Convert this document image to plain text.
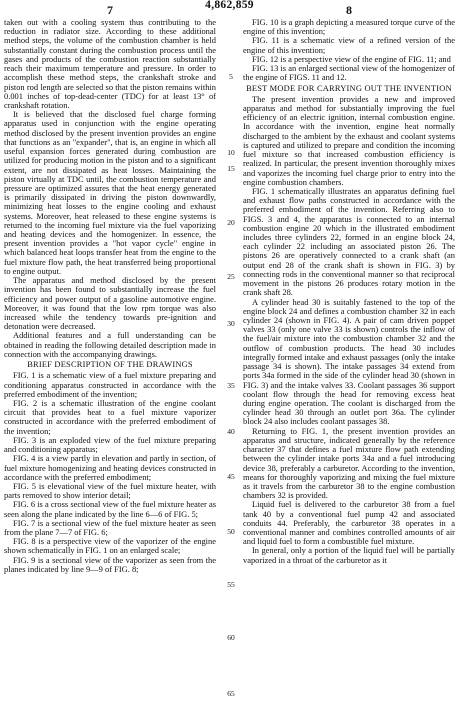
7	4,862,859	8

taken out with a cooling system thus contributing to the reduction in radiator size. According to these additional method steps, the volume of the combustion chamber is held substantially constant during the combustion process until the gases and products of the combustion reaction substantially reach their maximum temperature and pressure. In order to accomplish these method steps, the crankshaft stroke and piston rod length are selected so that the piston remains within 0.001 inches of top-dead-center (TDC) for at least 13° of crankshaft rotation.

It is believed that the disclosed fuel charge forming apparatus used in conjunction with the engine operating method disclosed by the present invention provides an engine that functions as an "expander", that is, an engine in which all useful expansion forces generated during combustion are utilized for producing motion in the piston and to a significant extent, are not dissipated as heat losses. Maintaining the piston virtually at TDC until, the combustion temperature and pressure are optimized assures that the heat energy generated is primarily dissipated in driving the piston downwardly, minimizing heat losses to the engine cooling and exhaust systems. Moreover, heat released to these engine systems is returned to the incoming fuel mixture via the fuel vaporizing and heating devices and the homogenizer. In essence, the present invention provides a "hot vapor cycle" engine in which balanced heat loops transfer heat from the engine to the fuel mixture flow path, the heat transferred being proportional to engine output.

The apparatus and method disclosed by the present invention has been found to substantially increase the fuel efficiency and power output of a gasoline automotive engine. Moreover, it was found that the low rpm torque was also increased while the tendency towards pre-ignition and detonation were decreased.

Additional features and a full understanding can be obtained in reading the following detailed description made in connection with the accompanying drawings.

BRIEF DESCRIPTION OF THE DRAWINGS

FIG. 1 is a schematic view of a fuel mixture preparing and conditioning apparatus constructed in accordance with the preferred embodiment of the invention;

FIG. 2 is a schematic illustration of the engine coolant circuit that provides heat to a fuel mixture vaporizer constructed in accordance with the preferred embodiment of the invention;

FIG. 3 is an exploded view of the fuel mixture preparing and conditioning apparatus;

FIG. 4 is a view partly in elevation and partly in section, of fuel mixture homogenizing and heating devices constructed in accordance with the preferred embodiment;

FIG. 5 is elevational view of the fuel mixture heater, with parts removed to show interior detail;

FIG. 6 is a cross sectional view of the fuel mixture heater as seen along the plane indicated by the line 6—6 of FIG. 5;

FIG. 7 is a sectional view of the fuel mixture heater as seen from the plane 7—7 of FIG. 6;

FIG. 8 is a perspective view of the vaporizer of the engine shown schematically in FIG. 1 on an enlarged scale;

FIG. 9 is a sectional view of the vaporizer as seen from the planes indicated by line 9—9 of FIG. 8;

5
10
15
20
25
30
35
40
45
50
55
60
65

FIG. 10 is a graph depicting a measured torque curve of the engine of this invention;

FIG. 11 is a schematic view of a refined version of the engine of this invention;

FIG. 12 is a perspective view of the engine of FIG. 11; and

FIG. 13 is an enlarged sectional view of the homogenizer of the engine of FIGS. 11 and 12.

BEST MODE FOR CARRYING OUT THE INVENTION

The present invention provides a new and improved apparatus and method for substantially improving the fuel efficiency of an electric ignition, internal combustion engine. In accordance with the invention, engine heat normally discharged to the ambient by the exhaust and coolant systems is captured and utilized to prepare and condition the incoming fuel mixture so that increased combustion efficiency is realized. In particular, the present invention thoroughly mixes and vaporizes the incoming fuel charge prior to entry into the engine combustion chambers.

FIG. 1 schematically illustrates an apparatus defining fuel and exhaust flow paths constructed in accordance with the preferred embodiment of the invention. Referring also to FIGS. 3 and 4, the apparatus is connected to an internal combustion engine 20 which in the illustrated embodiment includes three cylinders 22, formed in an engine block 24, each cylinder 22 including an associated piston 26. The pistons 26 are operatively connected to a crank shaft (an output end 28 of the crank shaft is shown in FIG. 3) by connecting rods in the conventional manner so that reciprocal movement in the pistons 26 produces rotary motion in the crank shaft 28.

A cylinder head 30 is suitably fastened to the top of the engine block 24 and defines a combustion chamber 32 in each cylinder 24 (shown in FIG. 4). A pair of cam driven poppet valves 33 (only one valve 33 is shown) controls the inflow of the fuel/air mixture into the combustion chamber 32 and the outflow of combustion products. The head 30 includes integrally formed intake and exhaust passages (only the intake passage 34 is shown). The intake passages 34 extend from ports 34a formed in the side of the cylinder head 30 (shown in FIG. 3) and the intake valves 33. Coolant passages 36 support coolant flow through the head for removing excess heat during engine operation. The coolant is discharged from the cylinder head 30 through an outlet port 36a. The cylinder block 24 also includes coolant passages 38.

Returning to FIG. 1, the present invention provides an apparatus and structure, indicated generally by the reference character 37 that defines a fuel mixture flow path extending between the cylinder intake ports 34a and a fuel introducing device 38, preferably a carburetor. According to the invention, means for thoroughly vaporizing and mixing the fuel mixture as it travels from the carburetor 38 to the engine combustion chambers 32 is provided.

Liquid fuel is delivered to the carburetor 38 from a fuel tank 40 by a conventional fuel pump 42 and associated conduits 44. Preferably, the carburetor 38 operates in a conventional manner and combines controlled amounts of air and liquid fuel to form a combustible fuel mixture.

In general, only a portion of the liquid fuel will be partially vaporized in a throat of the carburetor as it
